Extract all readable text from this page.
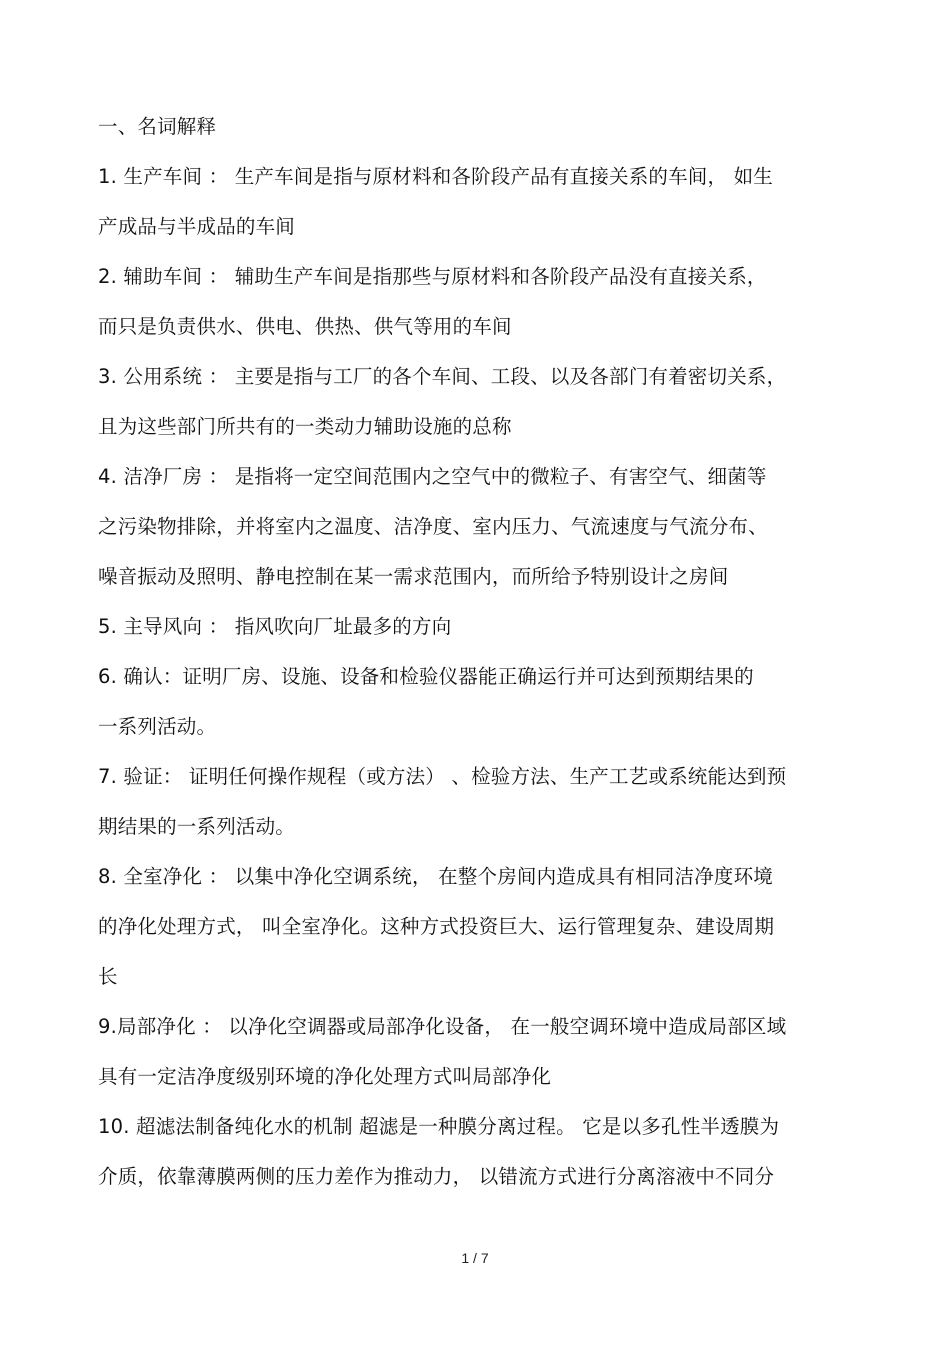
一、名词解释
1. 生产车间 ： 生产车间是指与原材料和各阶段产品有直接关系的车间， 如生
产成品与半成品的车间
2. 辅助车间 ： 辅助生产车间是指那些与原材料和各阶段产品没有直接关系，
而只是负责供水、供电、供热、供气等用的车间
3. 公用系统 ： 主要是指与工厂的各个车间、工段、以及各部门有着密切关系，
且为这些部门所共有的一类动力辅助设施的总称
4. 洁净厂房 ： 是指将一定空间范围内之空气中的微粒子、有害空气、细菌等
之污染物排除，并将室内之温度、洁净度、室内压力、气流速度与气流分布、
噪音振动及照明、静电控制在某一需求范围内，而所给予特别设计之房间
5. 主导风向 ： 指风吹向厂址最多的方向
6. 确认：证明厂房、设施、设备和检验仪器能正确运行并可达到预期结果的
一系列活动。
7. 验证： 证明任何操作规程（或方法） 、检验方法、生产工艺或系统能达到预
期结果的一系列活动。
8. 全室净化 ： 以集中净化空调系统， 在整个房间内造成具有相同洁净度环境
的净化处理方式， 叫全室净化。这种方式投资巨大、运行管理复杂、建设周期
长
9.局部净化 ： 以净化空调器或局部净化设备， 在一般空调环境中造成局部区域
具有一定洁净度级别环境的净化处理方式叫局部净化
10. 超滤法制备纯化水的机制 超滤是一种膜分离过程。 它是以多孔性半透膜为
介质，依靠薄膜两侧的压力差作为推动力， 以错流方式进行分离溶液中不同分
1 / 7
